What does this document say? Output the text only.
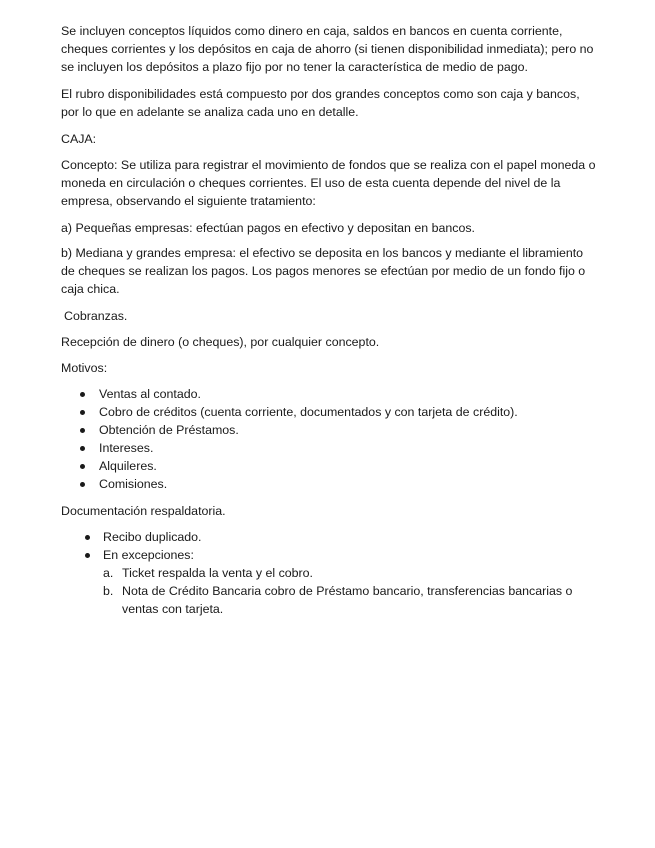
Se incluyen conceptos líquidos como dinero en caja, saldos en bancos en cuenta corriente, cheques corrientes y los depósitos en caja de ahorro (si tienen disponibilidad inmediata); pero no se incluyen los depósitos a plazo fijo por no tener la característica de medio de pago.

El rubro disponibilidades está compuesto por dos grandes conceptos como son caja y bancos, por lo que en adelante se analiza cada uno en detalle.

CAJA:

Concepto: Se utiliza para registrar el movimiento de fondos que se realiza con el papel moneda o moneda en circulación o cheques corrientes. El uso de esta cuenta depende del nivel de la empresa, observando el siguiente tratamiento:

a) Pequeñas empresas: efectúan pagos en efectivo y depositan en bancos.

b) Mediana y grandes empresa: el efectivo se deposita en los bancos y mediante el libramiento de cheques se realizan los pagos. Los pagos menores se efectúan por medio de un fondo fijo o caja chica.

Cobranzas.

Recepción de dinero (o cheques), por cualquier concepto.

Motivos:

Ventas al contado.
Cobro de créditos (cuenta corriente, documentados y con tarjeta de crédito).
Obtención de Préstamos.
Intereses.
Alquileres.
Comisiones.

Documentación respaldatoria.

Recibo duplicado.
En excepciones:
a. Ticket respalda la venta y el cobro.
b. Nota de Crédito Bancaria cobro de Préstamo bancario, transferencias bancarias o ventas con tarjeta.
